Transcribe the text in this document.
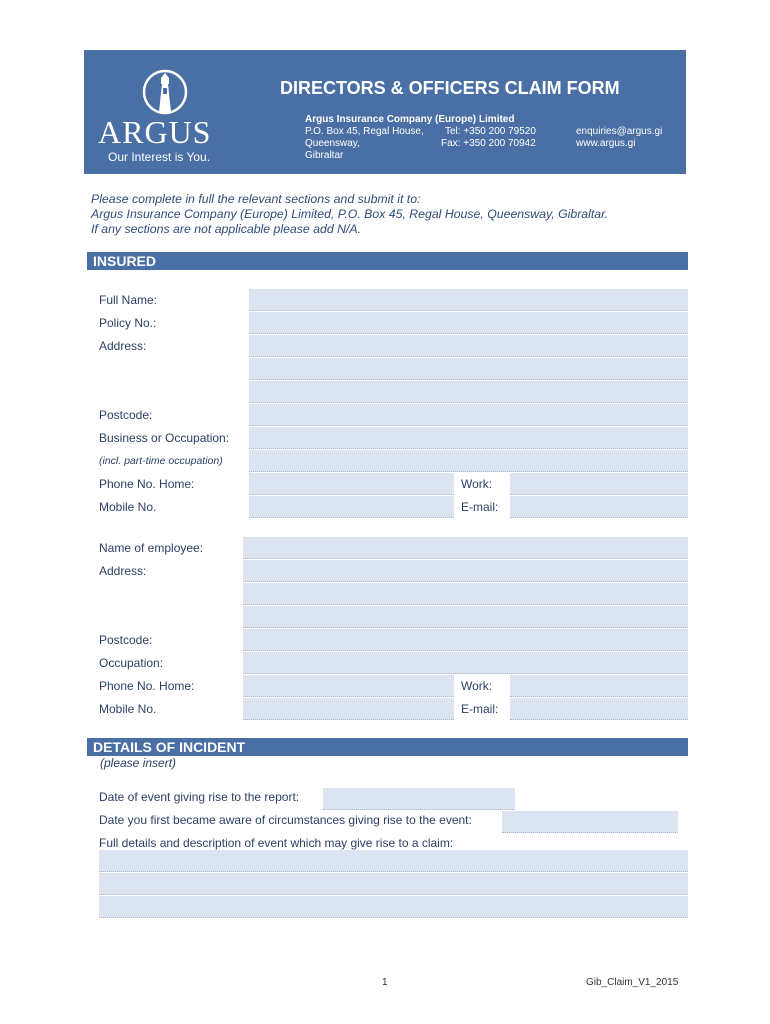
ARGUS
Our Interest is You.
DIRECTORS & OFFICERS CLAIM FORM
Argus Insurance Company (Europe) Limited
P.O. Box 45, Regal House,
Queensway,
Gibraltar
Tel: +350 200 79520
Fax: +350 200 70942
enquiries@argus.gi
www.argus.gi
Please complete in full the relevant sections and submit it to:
Argus Insurance Company (Europe) Limited, P.O. Box 45, Regal House, Queensway, Gibraltar.
If any sections are not applicable please add N/A.
INSURED
Full Name:
Policy No.:
Address:
Postcode:
Business or Occupation:
(incl. part-time occupation)
Phone No. Home:	Work:
Mobile No.	E-mail:
Name of employee:
Address:
Postcode:
Occupation:
Phone No. Home:	Work:
Mobile No.	E-mail:
DETAILS OF INCIDENT
(please insert)
Date of event giving rise to the report:
Date you first became aware of circumstances giving rise to the event:
Full details and description of event which may give rise to a claim:
1	Gib_Claim_V1_2015
